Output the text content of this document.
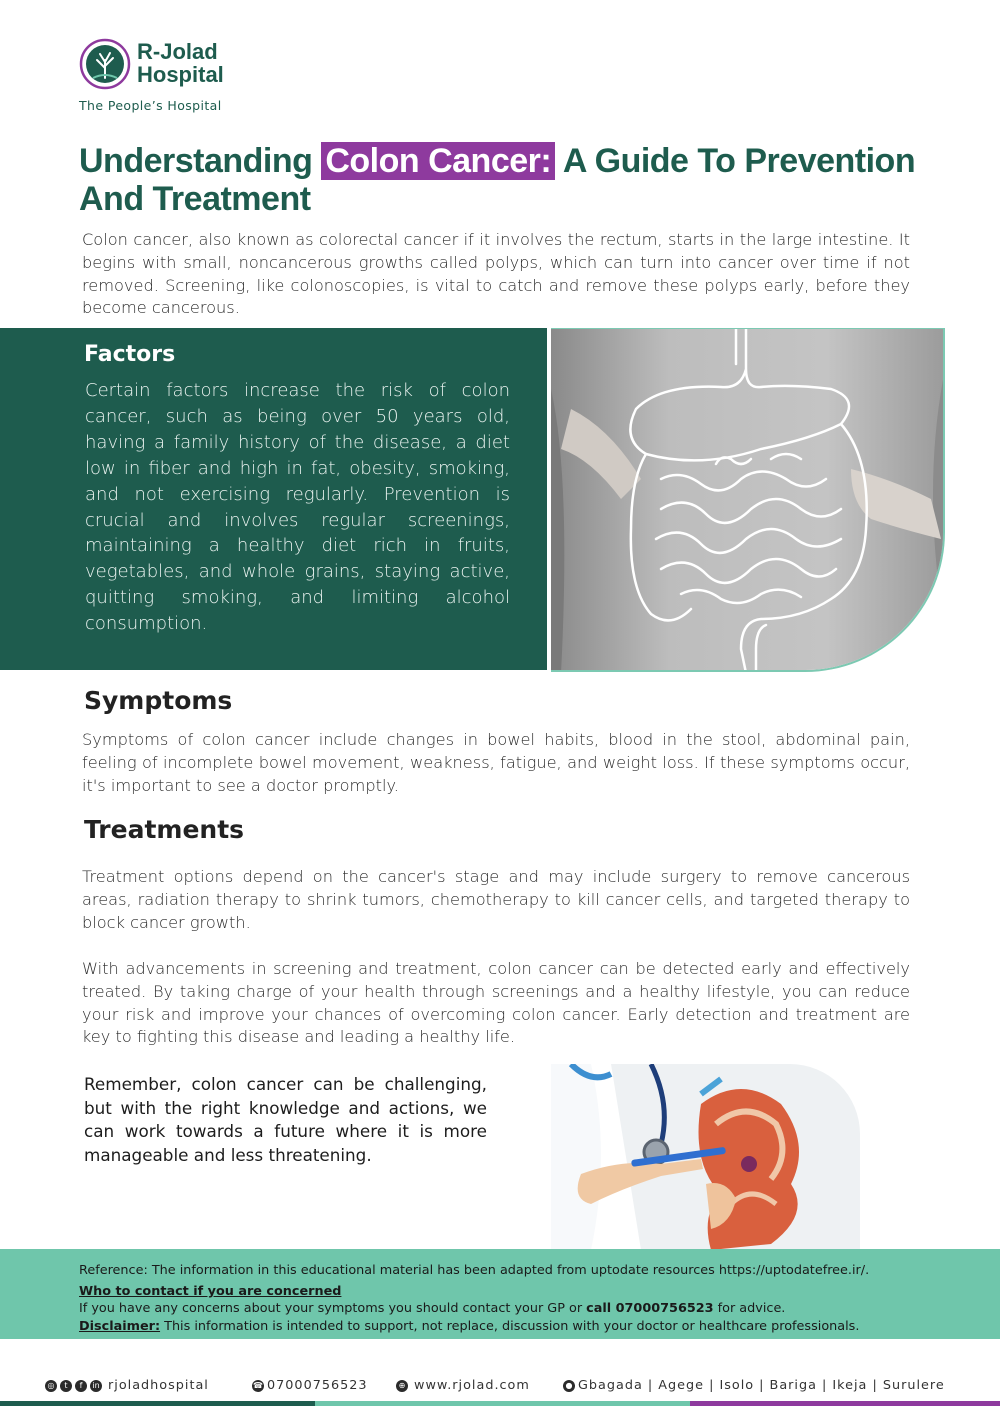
R-Jolad
Hospital
The People’s Hospital
Understanding Colon Cancer: A Guide To Prevention And Treatment

Colon cancer, also known as colorectal cancer if it involves the rectum, starts in the large intestine. It begins with small, noncancerous growths called polyps, which can turn into cancer over time if not removed. Screening, like colonoscopies, is vital to catch and remove these polyps early, before they become cancerous.

Factors

Certain factors increase the risk of colon cancer, such as being over 50 years old, having a family history of the disease, a diet low in fiber and high in fat, obesity, smoking, and not exercising regularly. Prevention is crucial and involves regular screenings, maintaining a healthy diet rich in fruits, vegetables, and whole grains, staying active, quitting smoking, and limiting alcohol consumption.

Symptoms

Symptoms of colon cancer include changes in bowel habits, blood in the stool, abdominal pain, feeling of incomplete bowel movement, weakness, fatigue, and weight loss. If these symptoms occur, it's important to see a doctor promptly.

Treatments

Treatment options depend on the cancer's stage and may include surgery to remove cancerous areas, radiation therapy to shrink tumors, chemotherapy to kill cancer cells, and targeted therapy to block cancer growth.

With advancements in screening and treatment, colon cancer can be detected early and effectively treated. By taking charge of your health through screenings and a healthy lifestyle, you can reduce your risk and improve your chances of overcoming colon cancer. Early detection and treatment are key to fighting this disease and leading a healthy life.

Remember, colon cancer can be challenging, but with the right knowledge and actions, we can work towards a future where it is more manageable and less threatening.

Reference: The information in this educational material has been adapted from uptodate resources https://uptodatefree.ir/.
Who to contact if you are concerned
If you have any concerns about your symptoms you should contact your GP or call 07000756523 for advice.
Disclaimer: This information is intended to support, not replace, discussion with your doctor or healthcare professionals.
◎	t	f	in rjoladhospital	☎ 07000756523	⊕ www.rjolad.com	● Gbagada | Agege | Isolo | Bariga | Ikeja | Surulere
